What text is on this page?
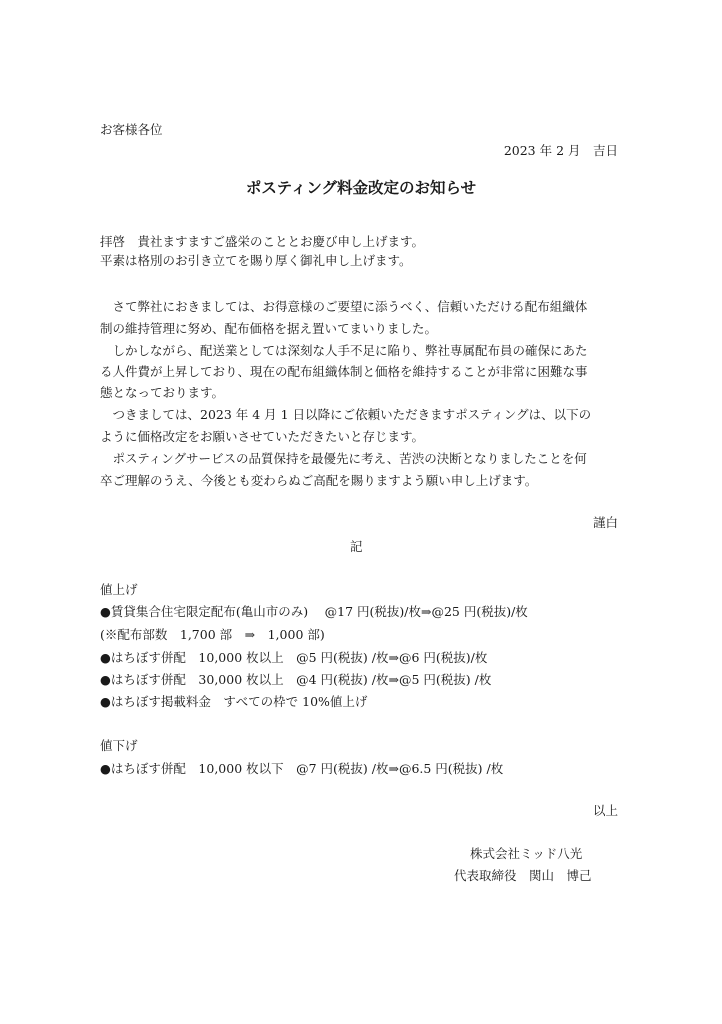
お客様各位
2023 年 2 月　吉日
ポスティング料金改定のお知らせ
拝啓　貴社ますますご盛栄のこととお慶び申し上げます。
平素は格別のお引き立てを賜り厚く御礼申し上げます。
　さて弊社におきましては、お得意様のご要望に添うべく、信頼いただける配布組織体
制の維持管理に努め、配布価格を据え置いてまいりました。
　しかしながら、配送業としては深刻な人手不足に陥り、弊社専属配布員の確保にあた
る人件費が上昇しており、現在の配布組織体制と価格を維持することが非常に困難な事
態となっております。
　つきましては、2023 年 4 月 1 日以降にご依頼いただきますポスティングは、以下の
ように価格改定をお願いさせていただきたいと存じます。
　ポスティングサービスの品質保持を最優先に考え、苦渋の決断となりましたことを何
卒ご理解のうえ、今後とも変わらぬご高配を賜りますよう願い申し上げます。
謹白
記
値上げ
●賃貸集合住宅限定配布(亀山市のみ)　 @17 円(税抜)/枚⇒@25 円(税抜)/枚
(※配布部数　1,700 部　⇒　1,000 部)
●はちぼす併配　10,000 枚以上　@5 円(税抜) /枚⇒@6 円(税抜)/枚
●はちぼす併配　30,000 枚以上　@4 円(税抜) /枚⇒@5 円(税抜) /枚
●はちぼす掲載料金　すべての枠で 10%値上げ
値下げ
●はちぼす併配　10,000 枚以下　@7 円(税抜) /枚⇒@6.5 円(税抜) /枚
以上
株式会社ミッド八光
代表取締役　関山　博己
